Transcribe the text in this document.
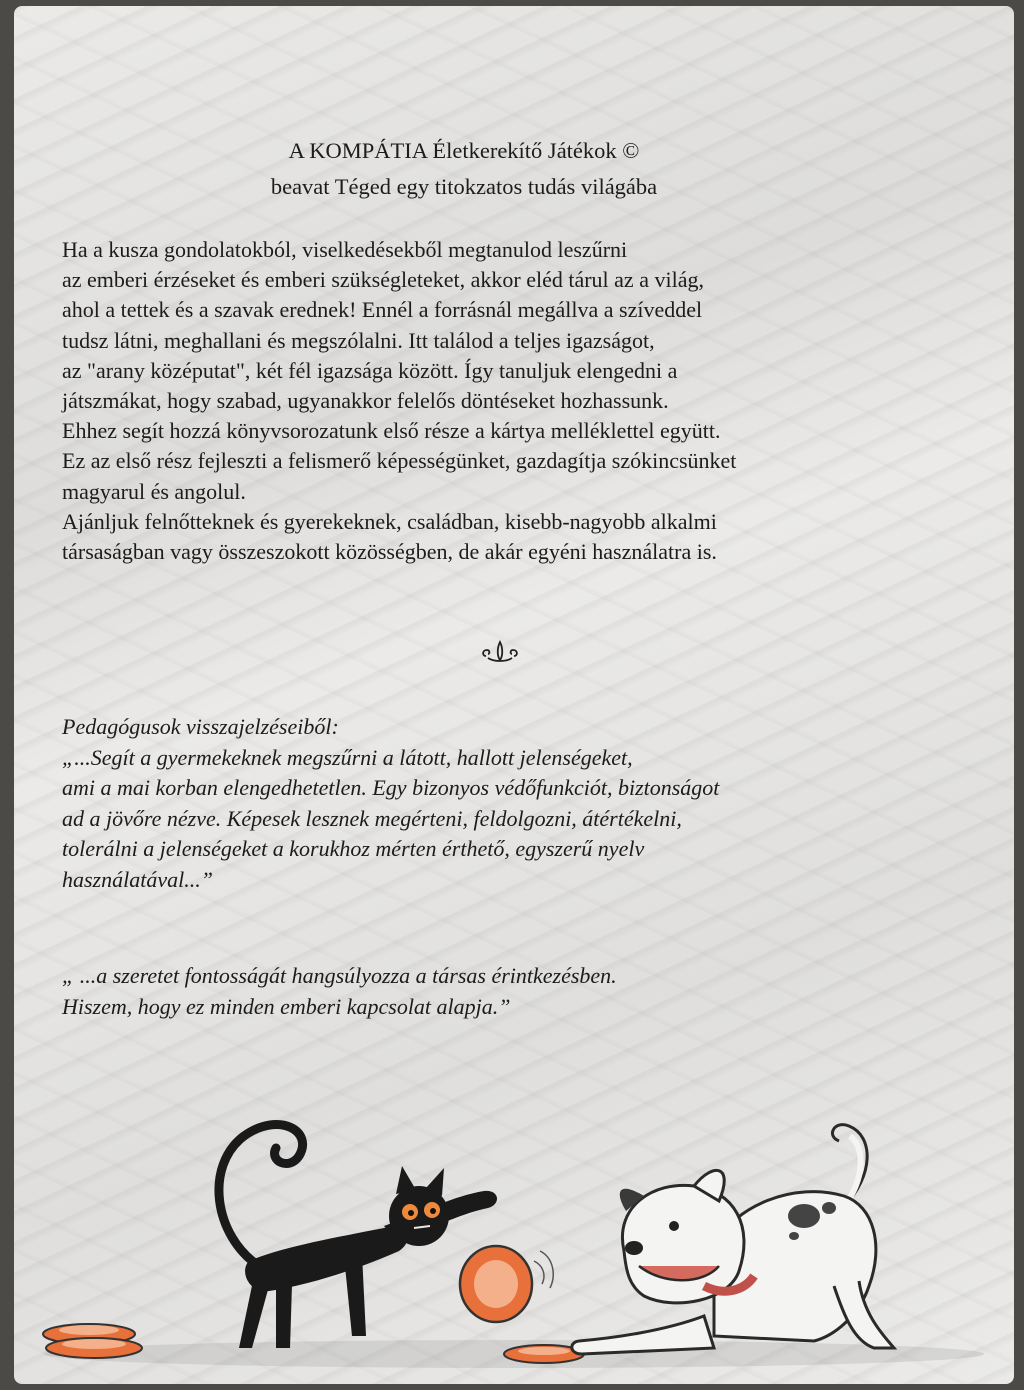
A KOMPÁTIA Életkerekítő Játékok ©
beavat Téged egy titokzatos tudás világába
Ha a kusza gondolatokból, viselkedésekből megtanulod leszűrni
az emberi érzéseket és emberi szükségleteket, akkor eléd tárul az a világ,
ahol a tettek és a szavak erednek! Ennél a forrásnál megállva a szíveddel
tudsz látni, meghallani és megszólalni. Itt találod a teljes igazságot,
az "arany középutat", két fél igazsága között. Így tanuljuk elengedni a
játszmákat, hogy szabad, ugyanakkor felelős döntéseket hozhassunk.
Ehhez segít hozzá könyvsorozatunk első része a kártya melléklettel együtt.
Ez az első rész fejleszti a felismerő képességünket, gazdagítja szókincsünket
magyarul és angolul.
Ajánljuk felnőtteknek és gyerekeknek, családban, kisebb-nagyobb alkalmi
társaságban vagy összeszokott közösségben, de akár egyéni használatra is.
Pedagógusok visszajelzéseiből:
„...Segít a gyermekeknek megszűrni a látott, hallott jelenségeket,
ami a mai korban elengedhetetlen. Egy bizonyos védőfunkciót, biztonságot
ad a jövőre nézve. Képesek lesznek megérteni, feldolgozni, átértékelni,
tolerálni a jelenségeket a korukhoz mérten érthető, egyszerű nyelv
használatával...”
„ ...a szeretet fontosságát hangsúlyozza a társas érintkezésben.
Hiszem, hogy ez minden emberi kapcsolat alapja.”
